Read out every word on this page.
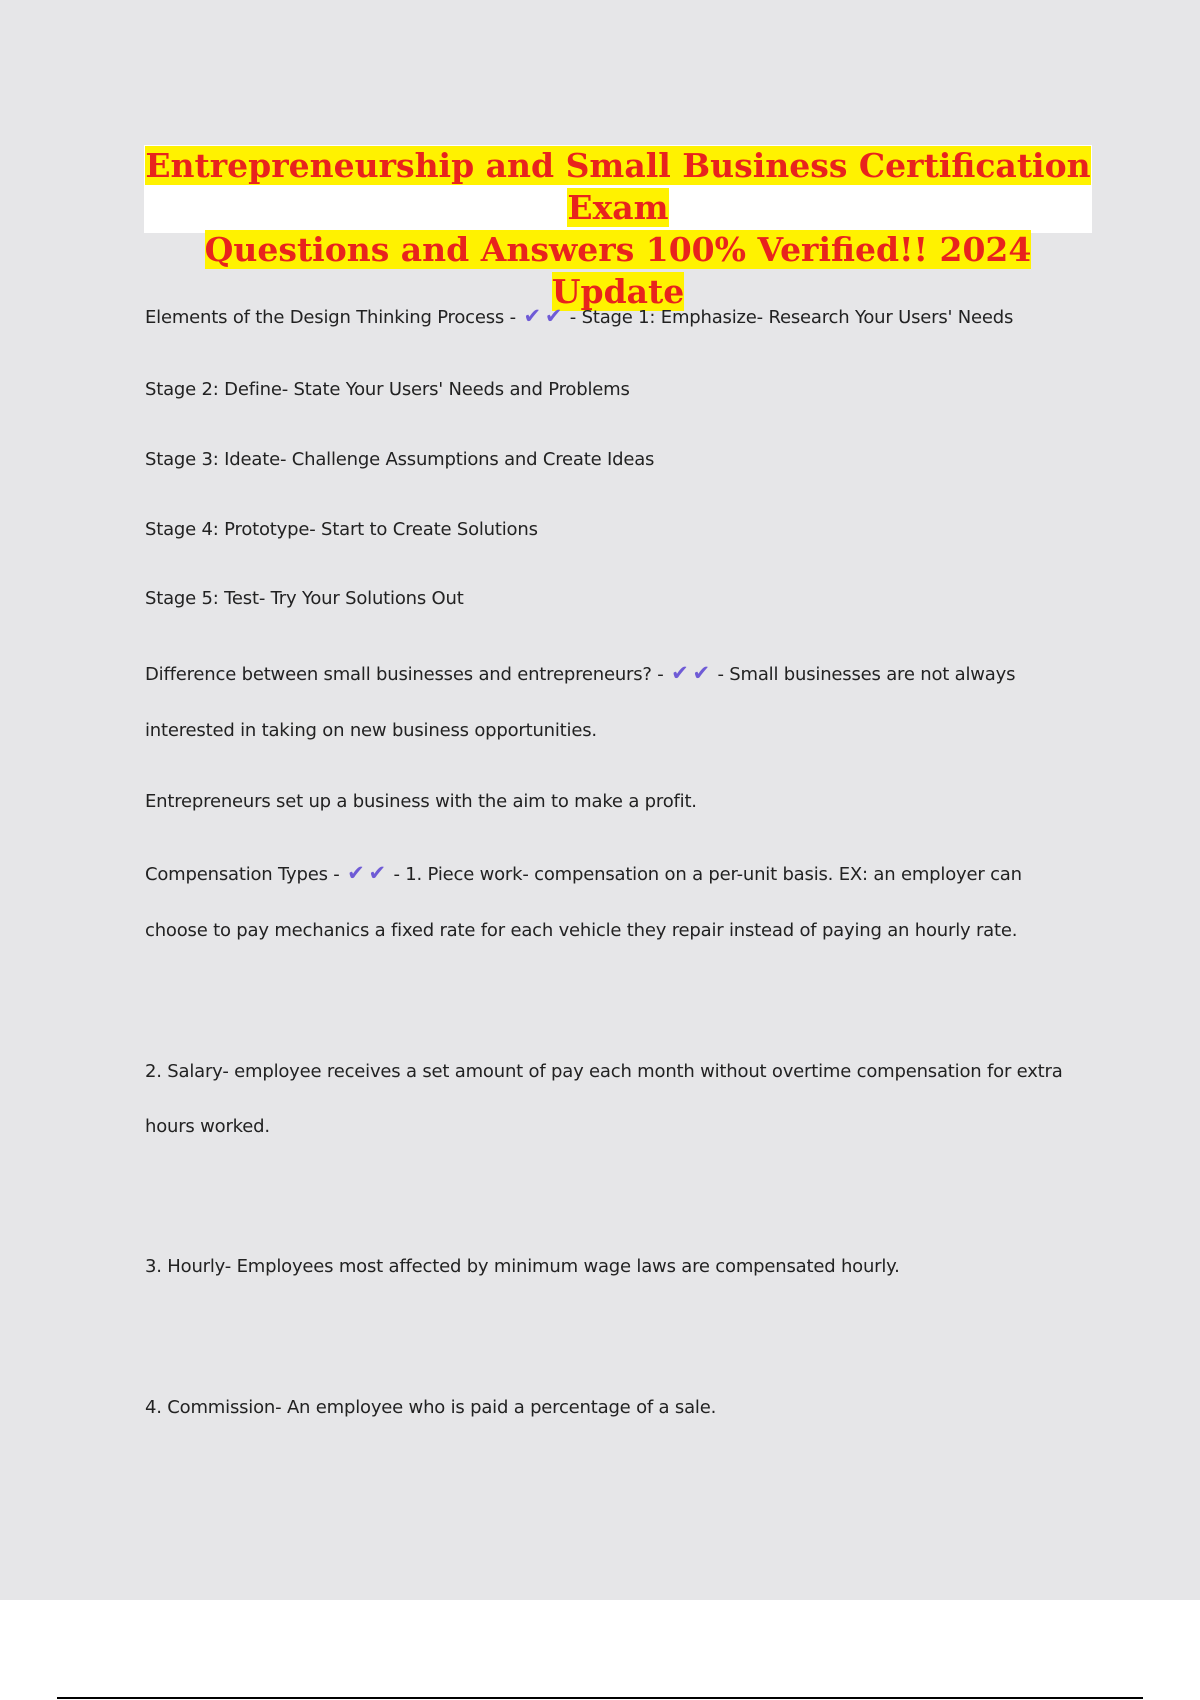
Entrepreneurship and Small Business Certification Exam
Questions and Answers 100% Verified!! 2024 Update
Elements of the Design Thinking Process - ✔ ✔ - Stage 1: Emphasize- Research Your Users' Needs
Stage 2: Define- State Your Users' Needs and Problems
Stage 3: Ideate- Challenge Assumptions and Create Ideas
Stage 4: Prototype- Start to Create Solutions
Stage 5: Test- Try Your Solutions Out
Difference between small businesses and entrepreneurs? - ✔ ✔ - Small businesses are not always
interested in taking on new business opportunities.
Entrepreneurs set up a business with the aim to make a profit.
Compensation Types - ✔ ✔ - 1. Piece work- compensation on a per-unit basis. EX: an employer can
choose to pay mechanics a fixed rate for each vehicle they repair instead of paying an hourly rate.
2. Salary- employee receives a set amount of pay each month without overtime compensation for extra
hours worked.
3. Hourly- Employees most affected by minimum wage laws are compensated hourly.
4. Commission- An employee who is paid a percentage of a sale.
